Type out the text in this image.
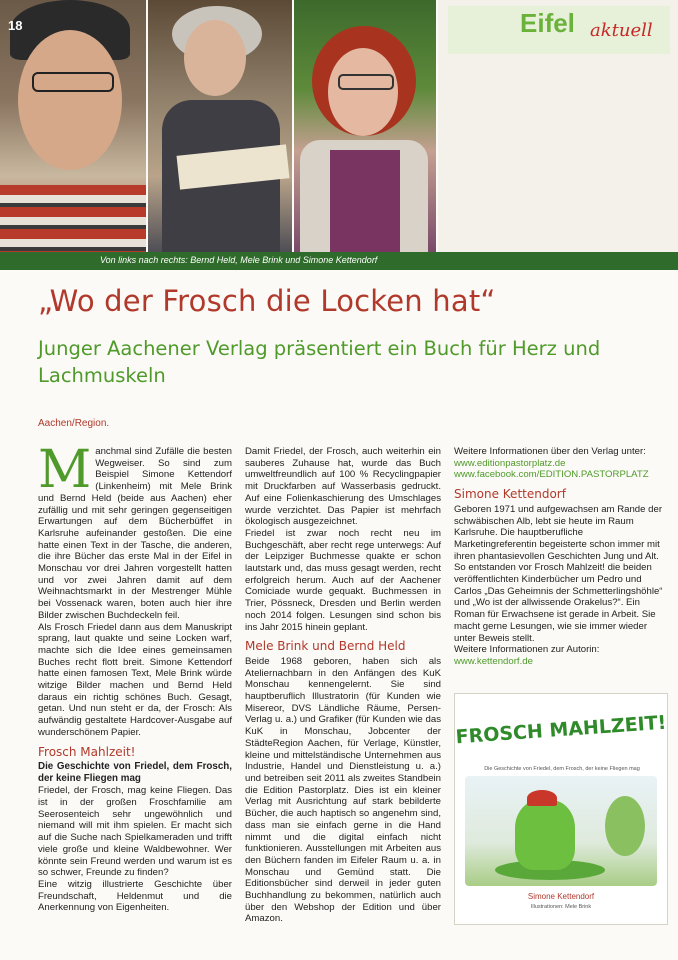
18	Eifel aktuell
Von links nach rechts: Bernd Held, Mele Brink und Simone Kettendorf
„Wo der Frosch die Locken hat“
Junger Aachener Verlag präsentiert ein Buch für Herz und Lachmuskeln
Aachen/Region.

Manchmal sind Zufälle die besten Wegweiser. So sind zum Beispiel Simone Kettendorf (Linkenheim) mit Mele Brink und Bernd Held (beide aus Aachen) eher zufällig und mit sehr geringen gegenseitigen Erwartungen auf dem Bücherbüffet in Karlsruhe aufeinander gestoßen. Die eine hatte einen Text in der Tasche, die anderen, die ihre Bücher das erste Mal in der Eifel in Monschau vor drei Jahren vorgestellt hatten und vor zwei Jahren damit auf dem Weihnachtsmarkt in der Mestrenger Mühle bei Vossenack waren, boten auch hier ihre Bilder zwischen Buchdeckeln feil.

Als Frosch Friedel dann aus dem Manuskript sprang, laut quakte und seine Locken warf, machte sich die Idee eines gemeinsamen Buches recht flott breit. Simone Kettendorf hatte einen famosen Text, Mele Brink würde witzige Bilder machen und Bernd Held daraus ein richtig schönes Buch. Gesagt, getan. Und nun steht er da, der Frosch: Als aufwändig gestaltete Hardcover-Ausgabe auf wunderschönem Papier.

Frosch Mahlzeit!

Die Geschichte von Friedel, dem Frosch, der keine Fliegen mag

Friedel, der Frosch, mag keine Fliegen. Das ist in der großen Froschfamilie am Seerosenteich sehr ungewöhnlich und niemand will mit ihm spielen. Er macht sich auf die Suche nach Spielkameraden und trifft viele große und kleine Waldbewohner. Wer könnte sein Freund werden und warum ist es so schwer, Freunde zu finden?

Eine witzig illustrierte Geschichte über Freundschaft, Heldenmut und die Anerkennung von Eigenheiten.

Damit Friedel, der Frosch, auch weiterhin ein sauberes Zuhause hat, wurde das Buch umweltfreundlich auf 100 % Recyclingpapier mit Druckfarben auf Wasserbasis gedruckt. Auf eine Folienkaschierung des Umschlages wurde verzichtet. Das Papier ist mehrfach ökologisch ausgezeichnet.

Friedel ist zwar noch recht neu im Buchgeschäft, aber recht rege unterwegs: Auf der Leipziger Buchmesse quakte er schon lautstark und, das muss gesagt werden, recht erfolgreich herum. Auch auf der Aachener Comiciade wurde gequakt. Buchmessen in Trier, Pössneck, Dresden und Berlin werden noch 2014 folgen. Lesungen sind schon bis ins Jahr 2015 hinein geplant.

Mele Brink und Bernd Held

Beide 1968 geboren, haben sich als Ateliernachbarn in den Anfängen des KuK Monschau kennengelernt. Sie sind hauptberuflich Illustratorin (für Kunden wie Misereor, DVS Ländliche Räume, Persen-Verlag u. a.) und Grafiker (für Kunden wie das KuK in Monschau, Jobcenter der StädteRegion Aachen, für Verlage, Künstler, kleine und mittelständische Unternehmen aus Industrie, Handel und Dienstleistung u. a.) und betreiben seit 2011 als zweites Standbein die Edition Pastorplatz. Dies ist ein kleiner Verlag mit Ausrichtung auf stark bebilderte Bücher, die auch haptisch so angenehm sind, dass man sie einfach gerne in die Hand nimmt und die digital einfach nicht funktionieren. Ausstellungen mit Arbeiten aus den Büchern fanden im Eifeler Raum u. a. in Monschau und Gemünd statt. Die Editionsbücher sind derweil in jeder guten Buchhandlung zu bekommen, natürlich auch über den Webshop der Edition und über Amazon.

Weitere Informationen über den Verlag unter:

www.editionpastorplatz.de

www.facebook.com/EDITION.PASTORPLATZ

Simone Kettendorf

Geboren 1971 und aufgewachsen am Rande der schwäbischen Alb, lebt sie heute im Raum Karlsruhe. Die hauptberufliche Marketingreferentin begeisterte schon immer mit ihren phantasievollen Geschichten Jung und Alt. So entstanden vor Frosch Mahlzeit! die beiden veröffentlichten Kinderbücher um Pedro und Carlos „Das Geheimnis der Schmetterlingshöhle“ und „Wo ist der allwissende Orakelus?“. Ein Roman für Erwachsene ist gerade in Arbeit. Sie macht gerne Lesungen, wie sie immer wieder unter Beweis stellt.

Weitere Informationen zur Autorin:

www.kettendorf.de

FROSCH MAHLZEIT!
Die Geschichte von Friedel, dem Frosch, der keine Fliegen mag
Simone Kettendorf
Illustrationen: Mele Brink
